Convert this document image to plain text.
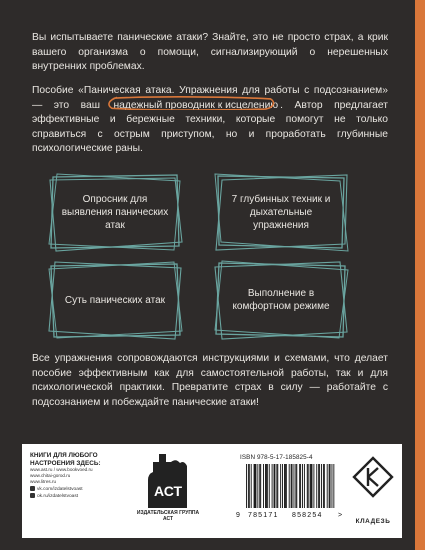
Вы испытываете панические атаки? Знайте, это не просто страх, а крик вашего организма о помощи, сигнализирующий о нерешенных внутренних проблемах.
Пособие «Паническая атака. Упражнения для работы с подсознанием» — это ваш
надежный проводник к исцелению . Автор предлагает эффективные и бережные техники, которые помогут не только справиться с острым приступом, но и проработать глубинные психологические раны.
Опросник для выявления панических атак
7 глубинных техник и дыхательные упражнения
Суть панических атак
Выполнение в комфортном режиме
Все упражнения сопровождаются инструкциями и схемами, что делает пособие эффективным как для самостоятельной работы, так и для психологической практики. Превратите страх в силу — работайте с подсознанием и побеждайте панические атаки!
КНИГИ ДЛЯ ЛЮБОГО НАСТРОЕНИЯ ЗДЕСЬ:
www.ast.ru / www.bookvoed.ru
www.chitai-gorod.ru
www.litres.ru
vk.com/izdatelstvoast
ok.ru/izdatelstvoast	АСТ
ИЗДАТЕЛЬСКАЯ ГРУППА АСТ
ISBN 978-5-17-185825-4
9 785171 858254 >
КЛАДЕЗЬ
